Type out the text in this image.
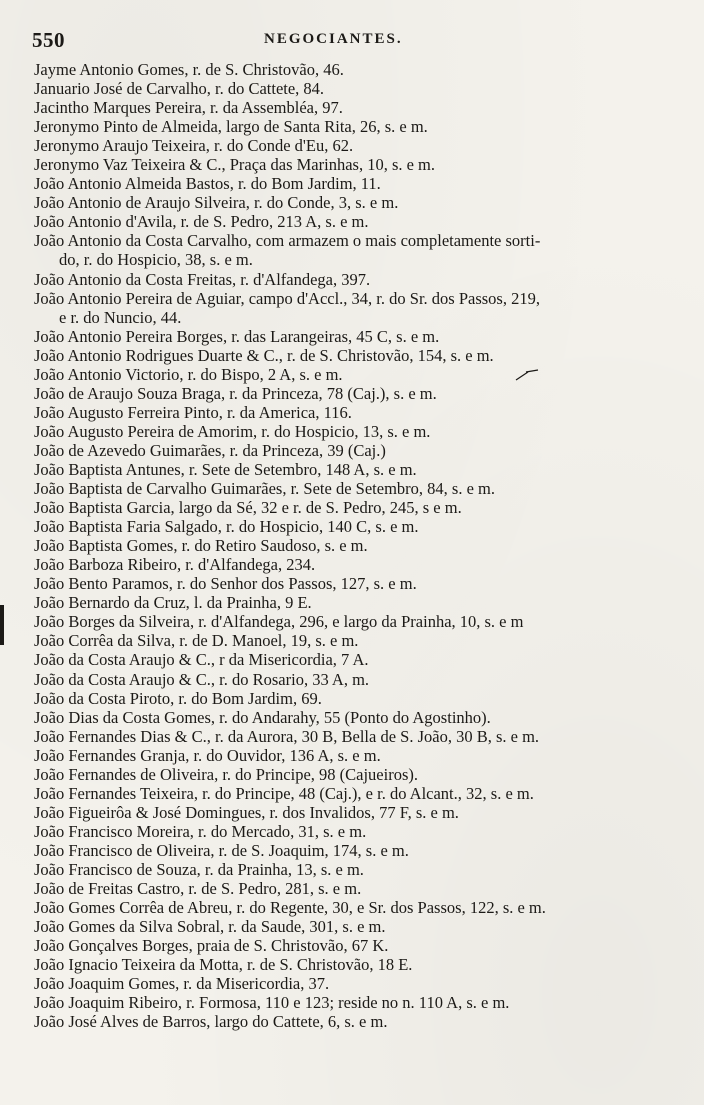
550	NEGOCIANTES.
Jayme Antonio Gomes, r. de S. Christovão, 46.
Januario José de Carvalho, r. do Cattete, 84.
Jacintho Marques Pereira, r. da Assembléa, 97.
Jeronymo Pinto de Almeida, largo de Santa Rita, 26, s. e m.
Jeronymo Araujo Teixeira, r. do Conde d'Eu, 62.
Jeronymo Vaz Teixeira & C., Praça das Marinhas, 10, s. e m.
João Antonio Almeida Bastos, r. do Bom Jardim, 11.
João Antonio de Araujo Silveira, r. do Conde, 3, s. e m.
João Antonio d'Avila, r. de S. Pedro, 213 A, s. e m.
João Antonio da Costa Carvalho, com armazem o mais completamente sorti-
do, r. do Hospicio, 38, s. e m.
João Antonio da Costa Freitas, r. d'Alfandega, 397.
João Antonio Pereira de Aguiar, campo d'Accl., 34, r. do Sr. dos Passos, 219,
e r. do Nuncio, 44.
João Antonio Pereira Borges, r. das Larangeiras, 45 C, s. e m.
João Antonio Rodrigues Duarte & C., r. de S. Christovão, 154, s. e m.
João Antonio Victorio, r. do Bispo, 2 A, s. e m.
João de Araujo Souza Braga, r. da Princeza, 78 (Caj.), s. e m.
João Augusto Ferreira Pinto, r. da America, 116.
João Augusto Pereira de Amorim, r. do Hospicio, 13, s. e m.
João de Azevedo Guimarães, r. da Princeza, 39 (Caj.)
João Baptista Antunes, r. Sete de Setembro, 148 A, s. e m.
João Baptista de Carvalho Guimarães, r. Sete de Setembro, 84, s. e m.
João Baptista Garcia, largo da Sé, 32 e r. de S. Pedro, 245, s e m.
João Baptista Faria Salgado, r. do Hospicio, 140 C, s. e m.
João Baptista Gomes, r. do Retiro Saudoso, s. e m.
João Barboza Ribeiro, r. d'Alfandega, 234.
João Bento Paramos, r. do Senhor dos Passos, 127, s. e m.
João Bernardo da Cruz, l. da Prainha, 9 E.
João Borges da Silveira, r. d'Alfandega, 296, e largo da Prainha, 10, s. e m
João Corrêa da Silva, r. de D. Manoel, 19, s. e m.
João da Costa Araujo & C., r da Misericordia, 7 A.
João da Costa Araujo & C., r. do Rosario, 33 A, m.
João da Costa Piroto, r. do Bom Jardim, 69.
João Dias da Costa Gomes, r. do Andarahy, 55 (Ponto do Agostinho).
João Fernandes Dias & C., r. da Aurora, 30 B, Bella de S. João, 30 B, s. e m.
João Fernandes Granja, r. do Ouvidor, 136 A, s. e m.
João Fernandes de Oliveira, r. do Principe, 98 (Cajueiros).
João Fernandes Teixeira, r. do Principe, 48 (Caj.), e r. do Alcant., 32, s. e m.
João Figueirôa & José Domingues, r. dos Invalidos, 77 F, s. e m.
João Francisco Moreira, r. do Mercado, 31, s. e m.
João Francisco de Oliveira, r. de S. Joaquim, 174, s. e m.
João Francisco de Souza, r. da Prainha, 13, s. e m.
João de Freitas Castro, r. de S. Pedro, 281, s. e m.
João Gomes Corrêa de Abreu, r. do Regente, 30, e Sr. dos Passos, 122, s. e m.
João Gomes da Silva Sobral, r. da Saude, 301, s. e m.
João Gonçalves Borges, praia de S. Christovão, 67 K.
João Ignacio Teixeira da Motta, r. de S. Christovão, 18 E.
João Joaquim Gomes, r. da Misericordia, 37.
João Joaquim Ribeiro, r. Formosa, 110 e 123; reside no n. 110 A, s. e m.
João José Alves de Barros, largo do Cattete, 6, s. e m.
